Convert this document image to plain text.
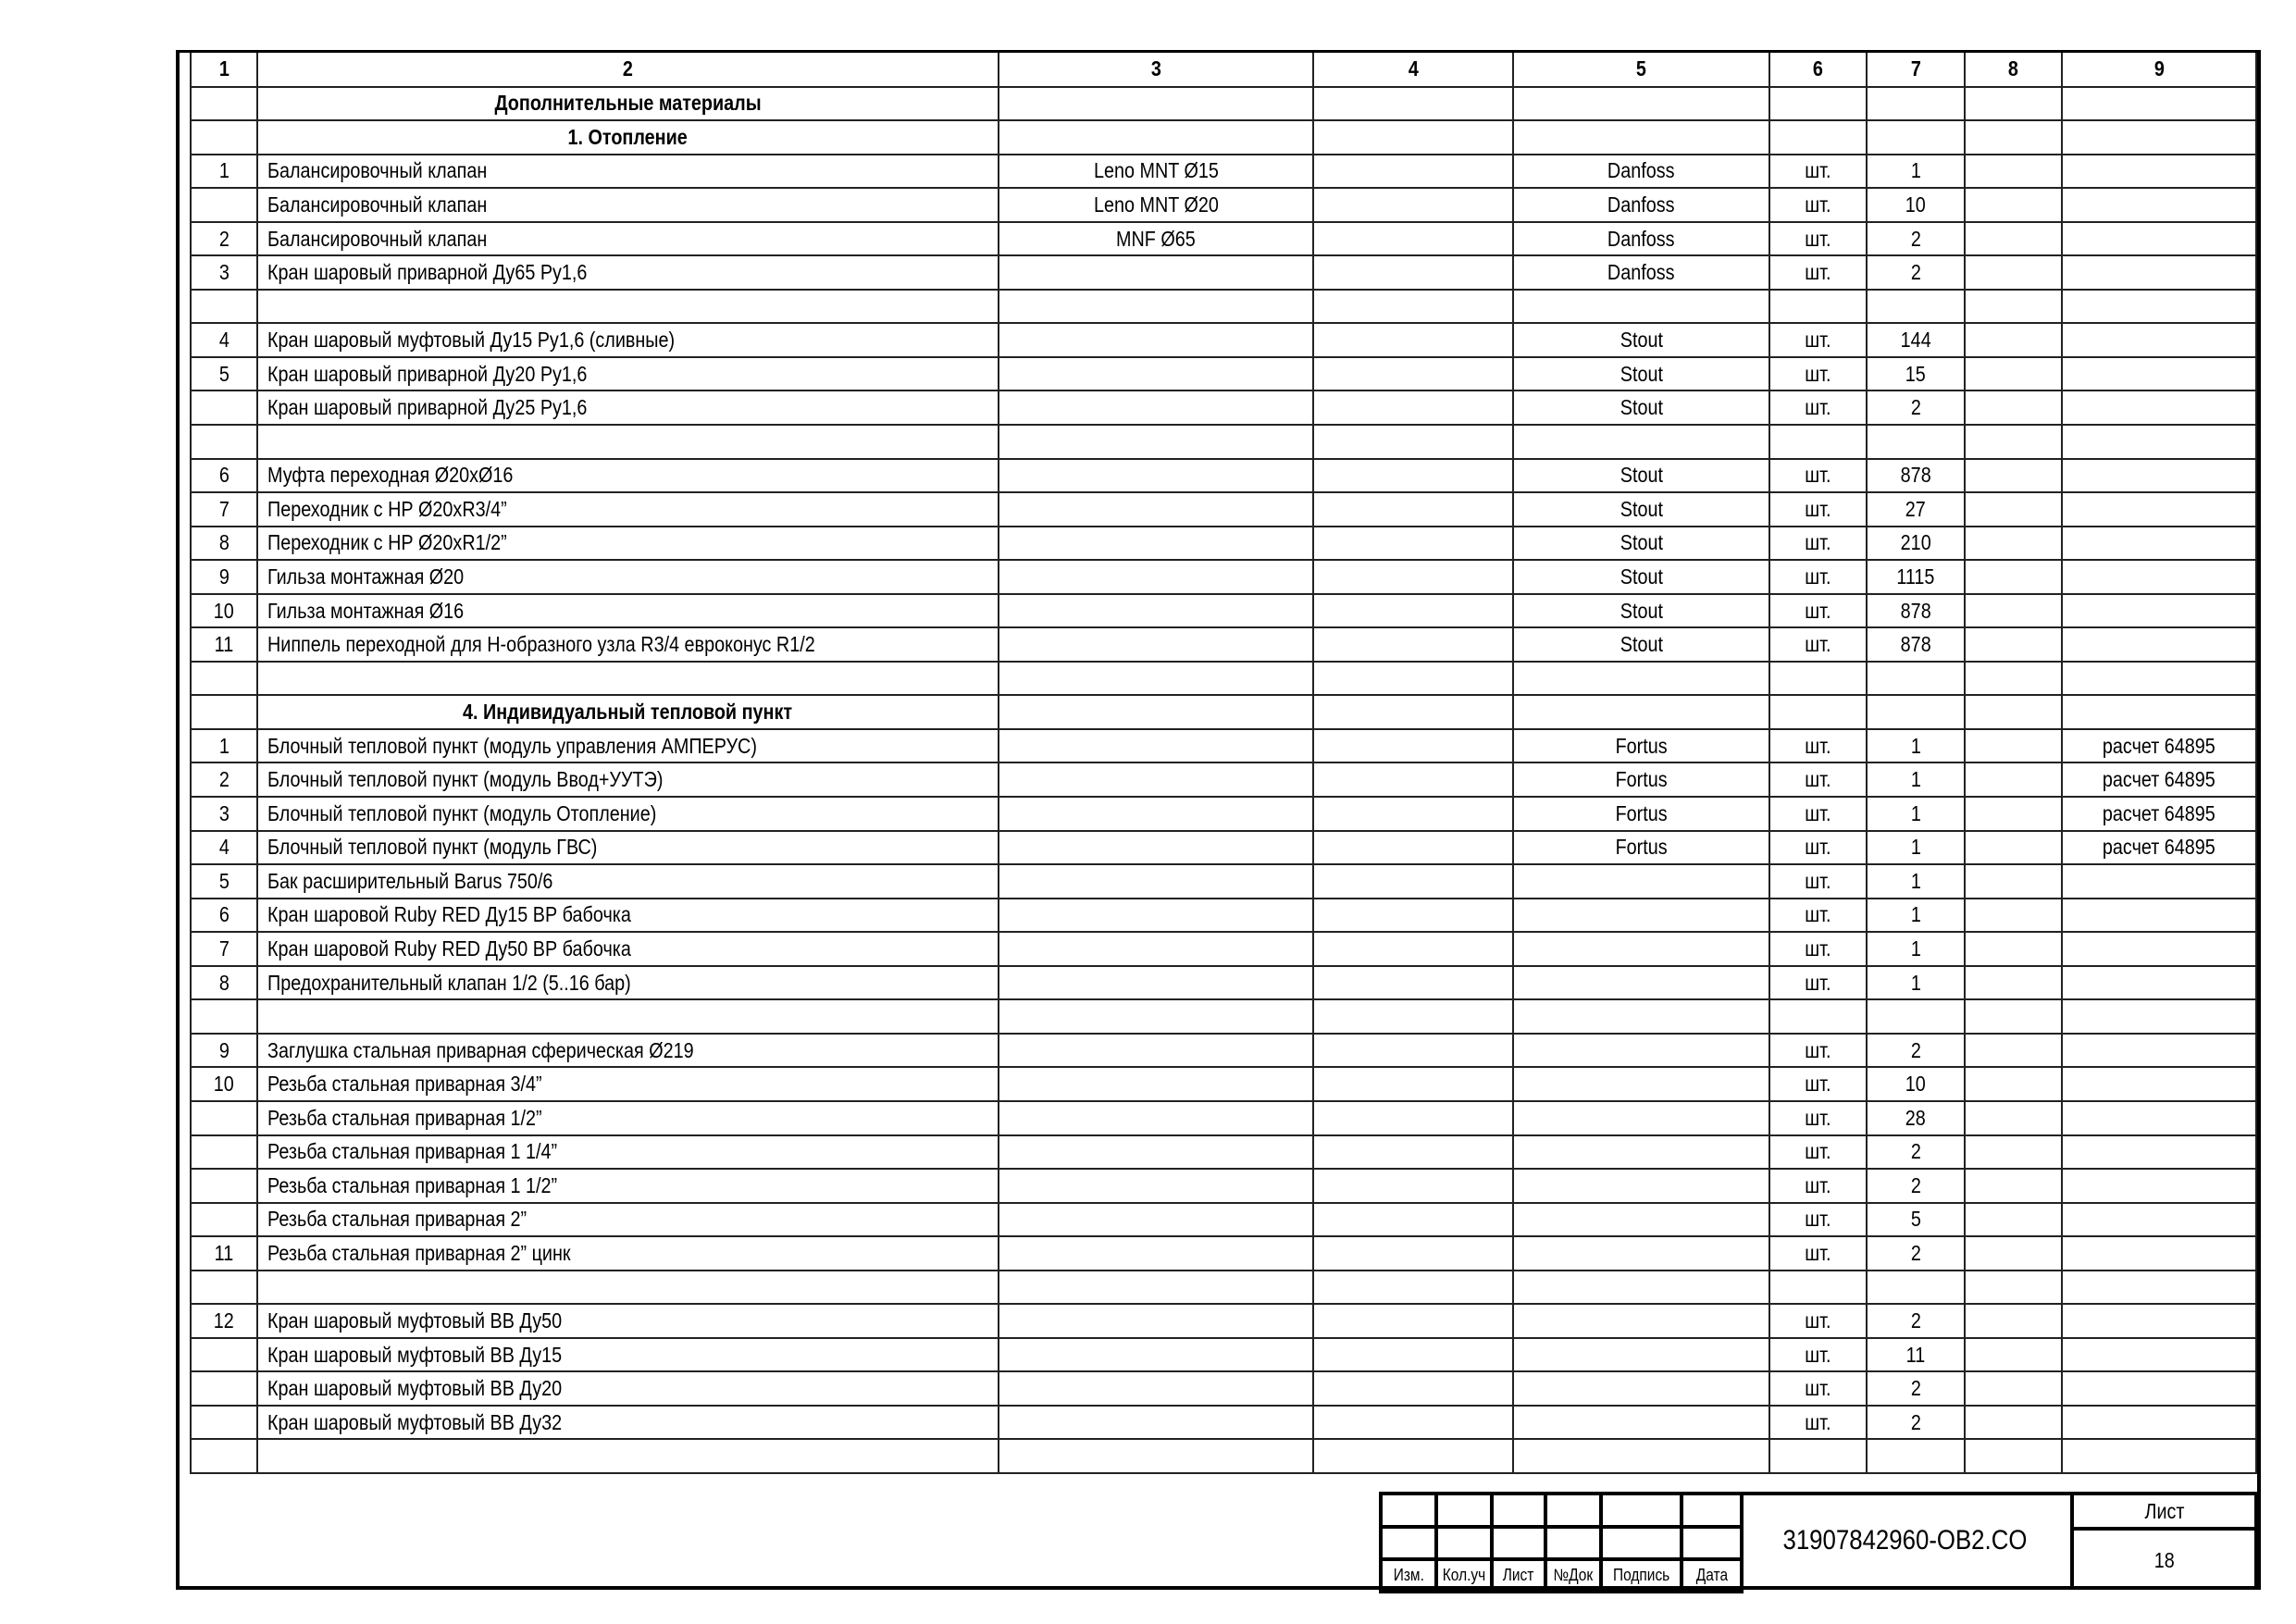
1	2	3	4	5	6	7	8	9
	Дополнительные материалы							
	1. Отопление							
1	Балансировочный клапан	Leno MNT Ø15		Danfoss	шт.	1		
	Балансировочный клапан	Leno MNT Ø20		Danfoss	шт.	10		
2	Балансировочный клапан	MNF Ø65		Danfoss	шт.	2		
3	Кран шаровый приварной Ду65 Ру1,6			Danfoss	шт.	2		

4	Кран шаровый муфтовый Ду15 Ру1,6 (сливные)			Stout	шт.	144		
5	Кран шаровый приварной Ду20 Ру1,6			Stout	шт.	15		
	Кран шаровый приварной Ду25 Ру1,6			Stout	шт.	2		

6	Муфта переходная Ø20xØ16			Stout	шт.	878		
7	Переходник с НР Ø20xR3/4”			Stout	шт.	27		
8	Переходник с НР Ø20xR1/2”			Stout	шт.	210		
9	Гильза монтажная Ø20			Stout	шт.	1115		
10	Гильза монтажная Ø16			Stout	шт.	878		
11	Ниппель переходной для Н-образного узла R3/4 евроконус R1/2			Stout	шт.	878		

	4. Индивидуальный тепловой пункт							
1	Блочный тепловой пункт (модуль управления АМПЕРУС)			Fortus	шт.	1		расчет 64895
2	Блочный тепловой пункт (модуль Ввод+УУТЭ)			Fortus	шт.	1		расчет 64895
3	Блочный тепловой пункт (модуль Отопление)			Fortus	шт.	1		расчет 64895
4	Блочный тепловой пункт (модуль ГВС)			Fortus	шт.	1		расчет 64895
5	Бак расширительный Barus 750/6				шт.	1		
6	Кран шаровой Ruby RED Ду15 ВР бабочка				шт.	1		
7	Кран шаровой Ruby RED Ду50 ВР бабочка				шт.	1		
8	Предохранительный клапан 1/2 (5..16 бар)				шт.	1		

9	Заглушка стальная приварная сферическая Ø219				шт.	2		
10	Резьба стальная приварная 3/4”				шт.	10		
	Резьба стальная приварная 1/2”				шт.	28		
	Резьба стальная приварная 1 1/4”				шт.	2		
	Резьба стальная приварная 1 1/2”				шт.	2		
	Резьба стальная приварная 2”				шт.	5		
11	Резьба стальная приварная 2” цинк				шт.	2		

12	Кран шаровый муфтовый ВВ Ду50				шт.	2		
	Кран шаровый муфтовый ВВ Ду15				шт.	11		
	Кран шаровый муфтовый ВВ Ду20				шт.	2		
	Кран шаровый муфтовый ВВ Ду32				шт.	2		

Изм.	Кол.уч	Лист	№Док	Подпись	Дата
31907842960-OB2.CO
Лист
18
